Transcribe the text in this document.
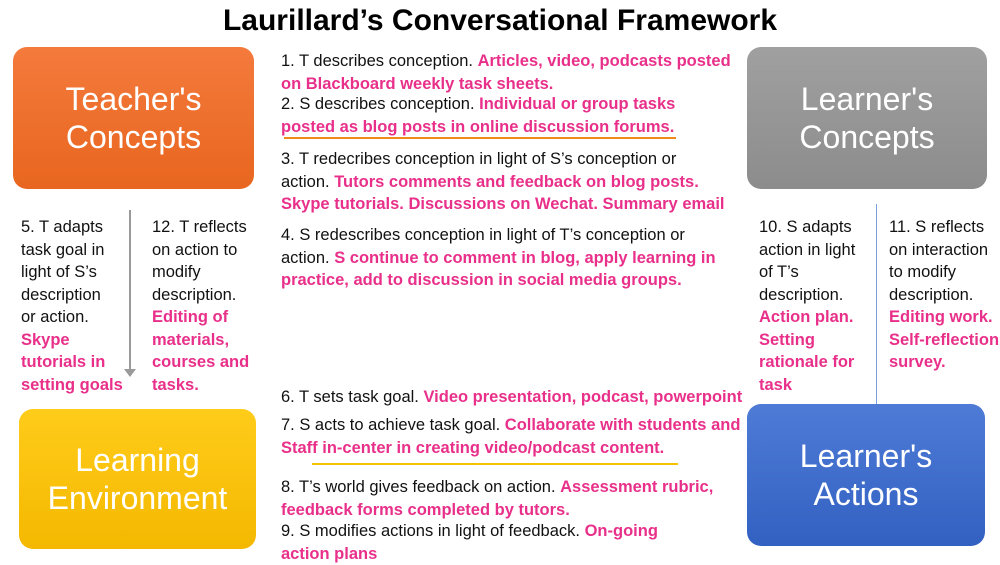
Laurillard’s Conversational Framework
Teacher's
Concepts
Learner's
Concepts
Learning
Environment
Learner's
Actions
1. T describes conception. Articles, video, podcasts posted
on Blackboard weekly task sheets.
2. S describes conception. Individual or group tasks
posted as blog posts in online discussion forums.
3. T redecribes conception in light of S’s conception or
action. Tutors comments and feedback on blog posts.
Skype tutorials. Discussions on Wechat. Summary email
4. S redescribes conception in light of T’s conception or
action. S continue to comment in blog, apply learning in
practice, add to discussion in social media groups.
5. T adapts
task goal in
light of S’s
description
or action.
Skype
tutorials in
setting goals
12. T reflects
on action to
modify
description.
Editing of
materials,
courses and
tasks.
6. T sets task goal. Video presentation, podcast, powerpoint
7. S acts to achieve task goal. Collaborate with students and
Staff in-center in creating video/podcast content.
8. T’s world gives feedback on action. Assessment rubric,
feedback forms completed by tutors.
9. S modifies actions in light of feedback. On-going
action plans
10. S adapts
action in light
of T’s
description.
Action plan.
Setting
rationale for
task
11. S reflects
on interaction
to modify
description.
Editing work.
Self-reflection
survey.
